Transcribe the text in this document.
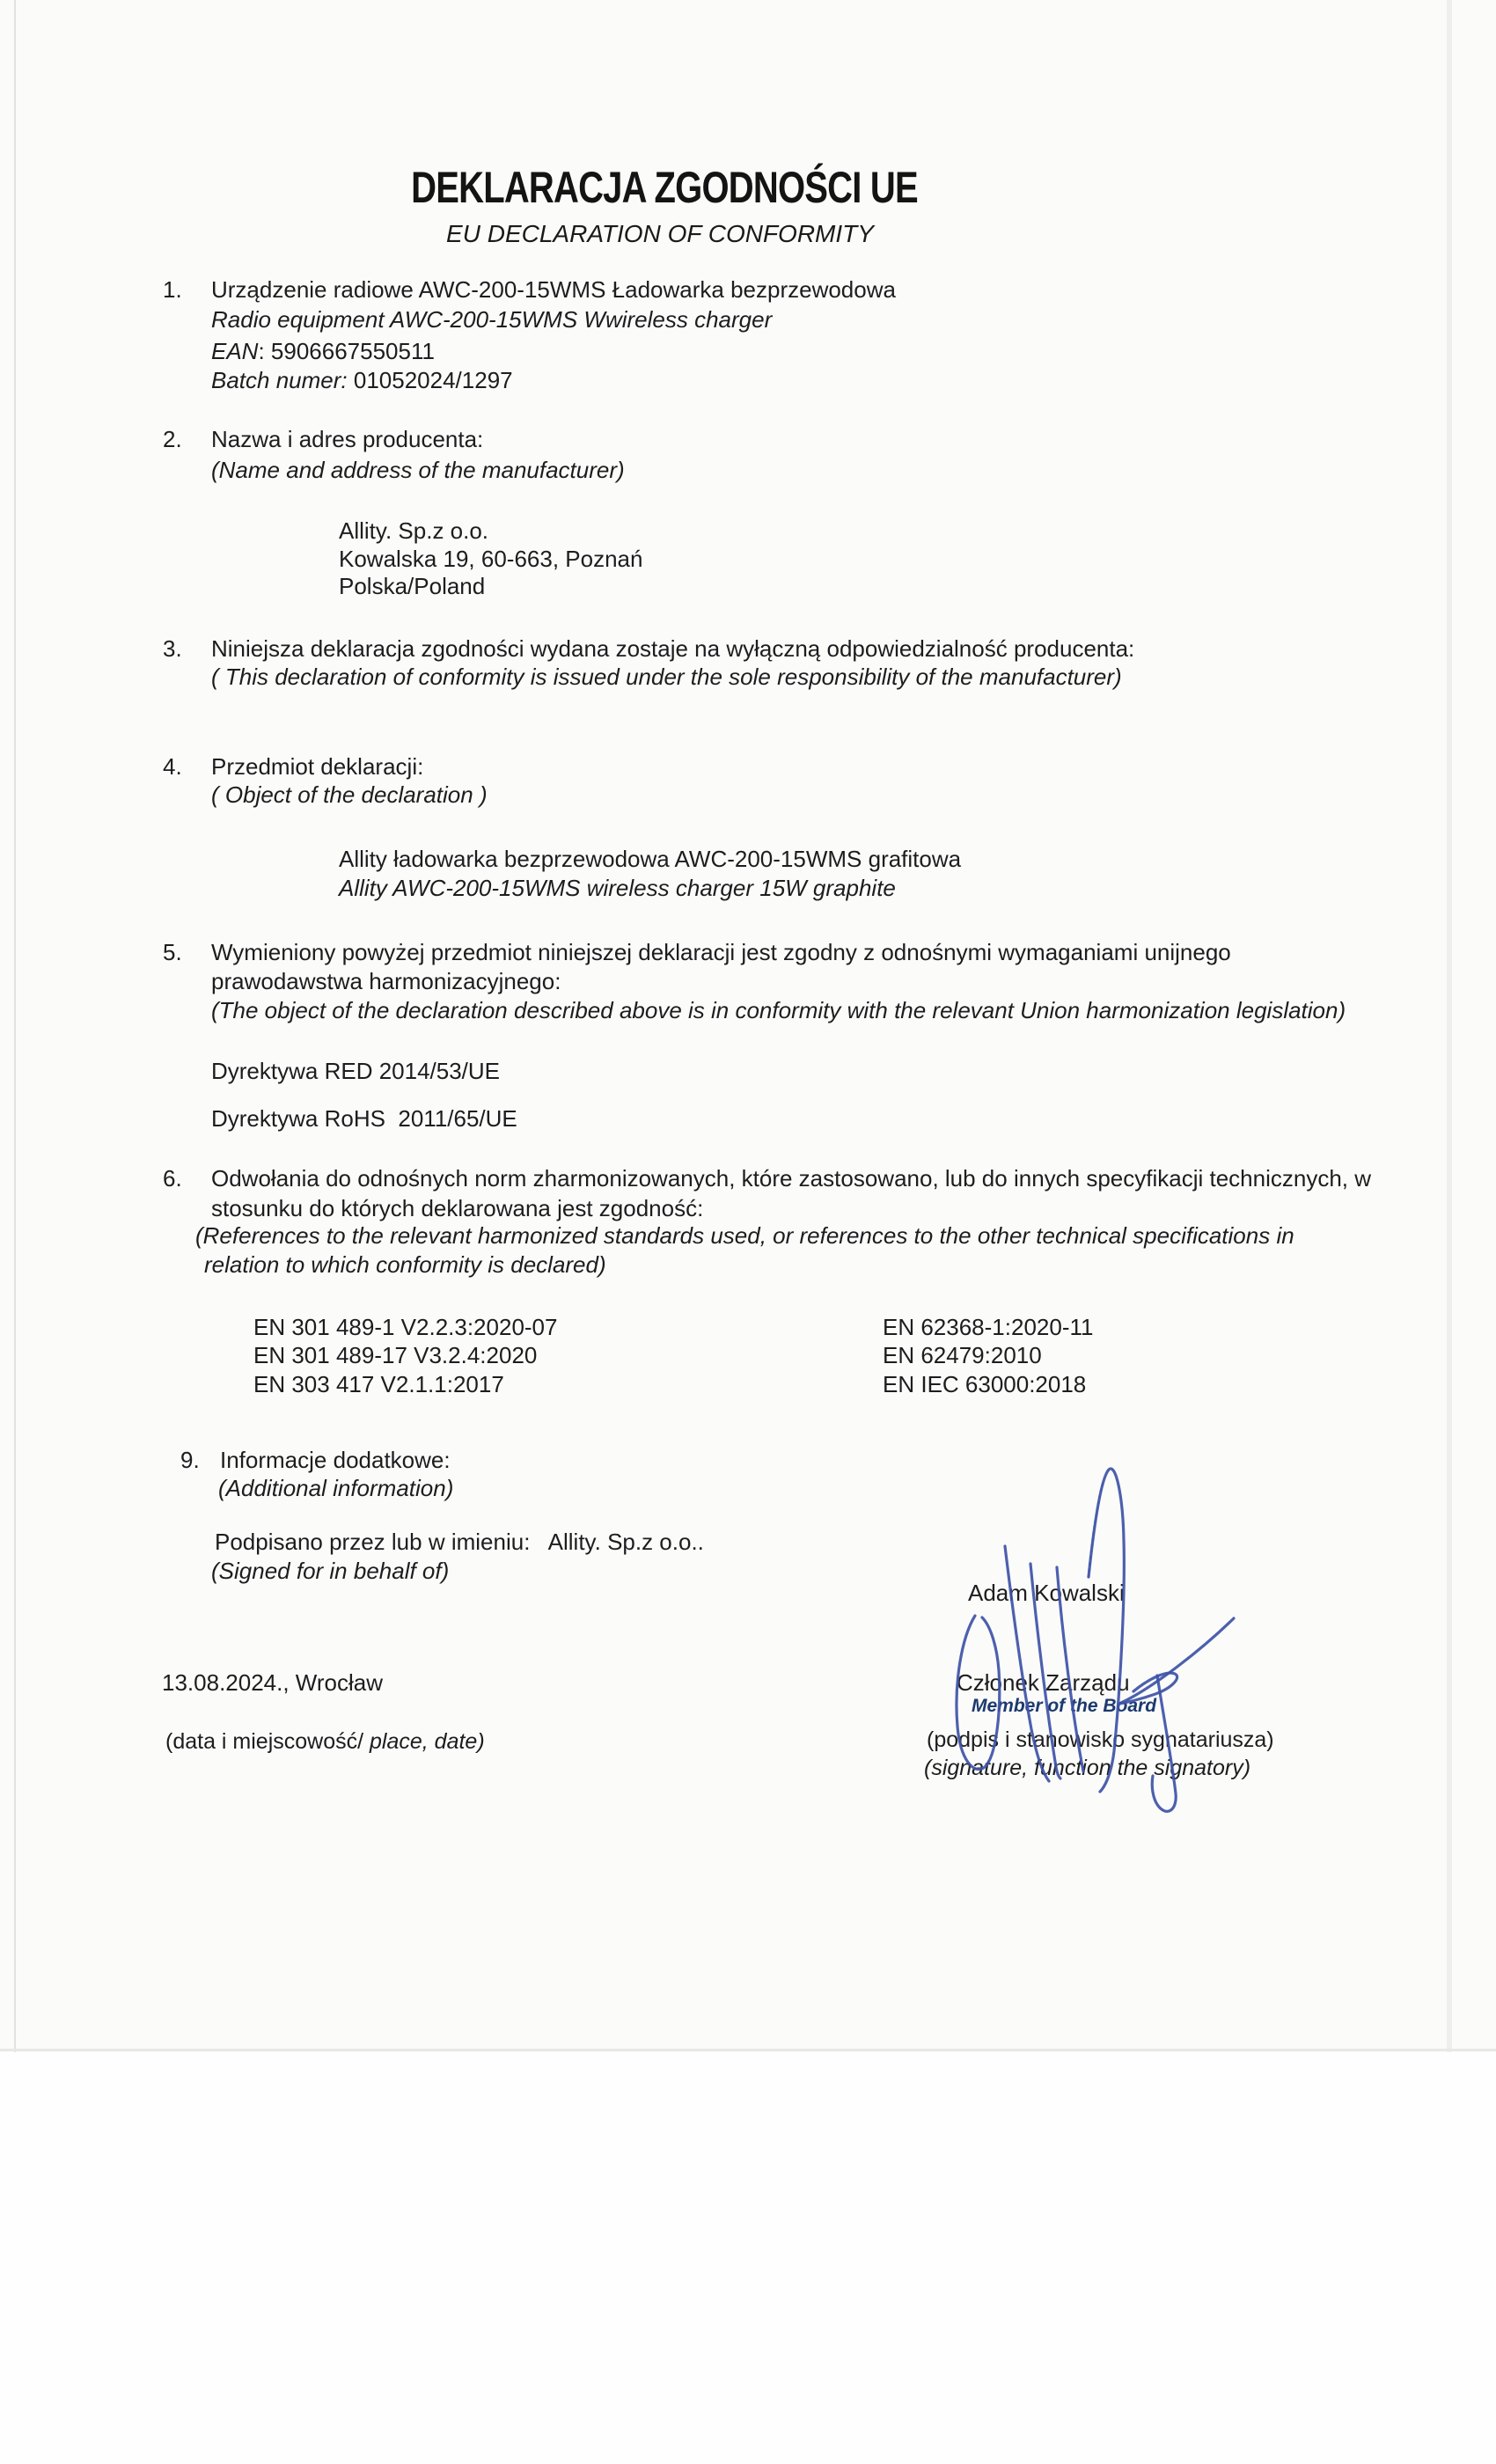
DEKLARACJA ZGODNOŚCI UE
EU DECLARATION OF CONFORMITY
1. Urządzenie radiowe AWC-200-15WMS Ładowarka bezprzewodowa
Radio equipment AWC-200-15WMS Wwireless charger
EAN: 5906667550511
Batch numer: 01052024/1297
2. Nazwa i adres producenta:
(Name and address of the manufacturer)
Allity. Sp.z o.o.
Kowalska 19, 60-663, Poznań
Polska/Poland
3. Niniejsza deklaracja zgodności wydana zostaje na wyłączną odpowiedzialność producenta:
( This declaration of conformity is issued under the sole responsibility of the manufacturer)
4. Przedmiot deklaracji:
( Object of the declaration )
Allity ładowarka bezprzewodowa AWC-200-15WMS grafitowa
Allity AWC-200-15WMS wireless charger 15W graphite
5. Wymieniony powyżej przedmiot niniejszej deklaracji jest zgodny z odnośnymi wymaganiami unijnego
prawodawstwa harmonizacyjnego:
(The object of the declaration described above is in conformity with the relevant Union harmonization legislation)
Dyrektywa RED 2014/53/UE
Dyrektywa RoHS  2011/65/UE
6. Odwołania do odnośnych norm zharmonizowanych, które zastosowano, lub do innych specyfikacji technicznych, w
stosunku do których deklarowana jest zgodność:
(References to the relevant harmonized standards used, or references to the other technical specifications in
relation to which conformity is declared)
EN 301 489-1 V2.2.3:2020-07
EN 301 489-17 V3.2.4:2020
EN 303 417 V2.1.1:2017
EN 62368-1:2020-11
EN 62479:2010
EN IEC 63000:2018
9. Informacje dodatkowe:
(Additional information)
Podpisano przez lub w imieniu:   Allity. Sp.z o.o..
(Signed for in behalf of)
Adam Kowalski
Członek Zarządu
Member of the Board
(podpis i stanowisko sygnatariusza)
(signature, function the signatory)
13.08.2024., Wrocław
(data i miejscowość/ place, date)
